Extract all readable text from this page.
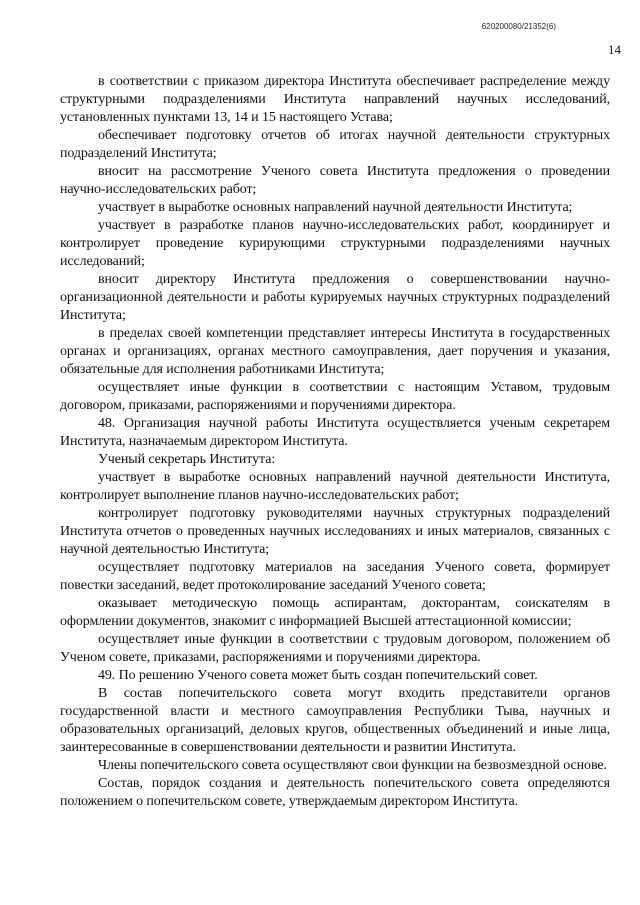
620200080/21352(6)
14

в соответствии с приказом директора Института обеспечивает распределение между структурными подразделениями Института направлений научных исследований, установленных пунктами 13, 14 и 15 настоящего Устава;

обеспечивает подготовку отчетов об итогах научной деятельности структурных подразделений Института;

вносит на рассмотрение Ученого совета Института предложения о проведении научно-исследовательских работ;

участвует в выработке основных направлений научной деятельности Института;

участвует в разработке планов научно-исследовательских работ, координирует и контролирует проведение курирующими структурными подразделениями научных исследований;

вносит директору Института предложения о совершенствовании научно-организационной деятельности и работы курируемых научных структурных подразделений Института;

в пределах своей компетенции представляет интересы Института в государственных органах и организациях, органах местного самоуправления, дает поручения и указания, обязательные для исполнения работниками Института;

осуществляет иные функции в соответствии с настоящим Уставом, трудовым договором, приказами, распоряжениями и поручениями директора.

48. Организация научной работы Института осуществляется ученым секретарем Института, назначаемым директором Института.

Ученый секретарь Института:

участвует в выработке основных направлений научной деятельности Института, контролирует выполнение планов научно-исследовательских работ;

контролирует подготовку руководителями научных структурных подразделений Института отчетов о проведенных научных исследованиях и иных материалов, связанных с научной деятельностью Института;

осуществляет подготовку материалов на заседания Ученого совета, формирует повестки заседаний, ведет протоколирование заседаний Ученого совета;

оказывает методическую помощь аспирантам, докторантам, соискателям в оформлении документов, знакомит с информацией Высшей аттестационной комиссии;

осуществляет иные функции в соответствии с трудовым договором, положением об Ученом совете, приказами, распоряжениями и поручениями директора.

49. По решению Ученого совета может быть создан попечительский совет.

В состав попечительского совета могут входить представители органов государственной власти и местного самоуправления Республики Тыва, научных и образовательных организаций, деловых кругов, общественных объединений и иные лица, заинтересованные в совершенствовании деятельности и развитии Института.

Члены попечительского совета осуществляют свои функции на безвозмездной основе.

Состав, порядок создания и деятельность попечительского совета определяются положением о попечительском совете, утверждаемым директором Института.
